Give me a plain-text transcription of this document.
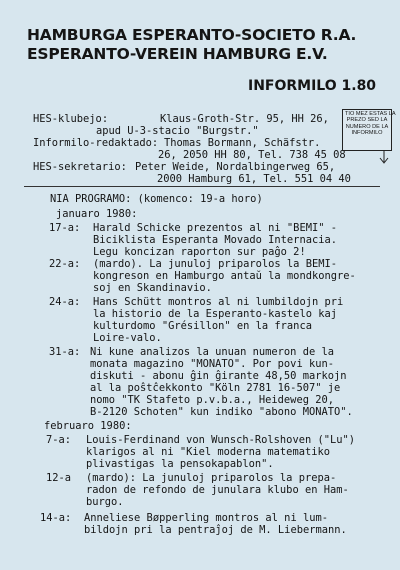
HAMBURGA ESPERANTO-SOCIETO R.A.
ESPERANTO-VEREIN HAMBURG E.V.
INFORMILO 1.80
HES-klubejo:	Klaus-Groth-Str. 95, HH 26,
apud U-3-stacio "Burgstr."
Informilo-redaktado: Thomas Bormann, Schäfstr.
26, 2050 HH 80, Tel. 738 45 08
HES-sekretario: Peter Weide, Nordalbingerweg 65,
2000 Hamburg 61, Tel. 551 04 40
TIO MEZ ESTAS LA
PREZO SED LA
NUMERO DE LA
INFORMILO
NIA PROGRAMO: (komenco: 19-a horo)
januaro 1980:
17-a: Harald Schicke prezentos al ni "BEMI" -
Biciklista Esperanta Movado Internacia.
Legu koncizan raporton sur paĝo 2!
22-a: (mardo). La junuloj priparolos la BEMI-
kongreson en Hamburgo antaŭ la mondkongre-
soj en Skandinavio.
24-a: Hans Schütt montros al ni lumbildojn pri
la historio de la Esperanto-kastelo kaj
kulturdomo "Grésillon" en la franca
Loire-valo.
31-a: Ni kune analizos la unuan numeron de la
monata magazino "MONATO". Por povi kun-
diskuti - abonu ĝin ĝirante 48,50 markojn
al la poŝtĉekkonto "Köln 2781 16-507" je
nomo "TK Stafeto p.v.b.a., Heideweg 20,
B-2120 Schoten" kun indiko "abono MONATO".
februaro 1980:
7-a: Louis-Ferdinand von Wunsch-Rolshoven ("Lu")
klarigos al ni "Kiel moderna matematiko
plivastigas la pensokapablon".
12-a (mardo): La junuloj priparolos la prepa-
radon de refondo de junulara klubo en Ham-
burgo.
14-a: Anneliese Bøpperling montros al ni lum-
bildojn pri la pentraĵoj de M. Liebermann.
